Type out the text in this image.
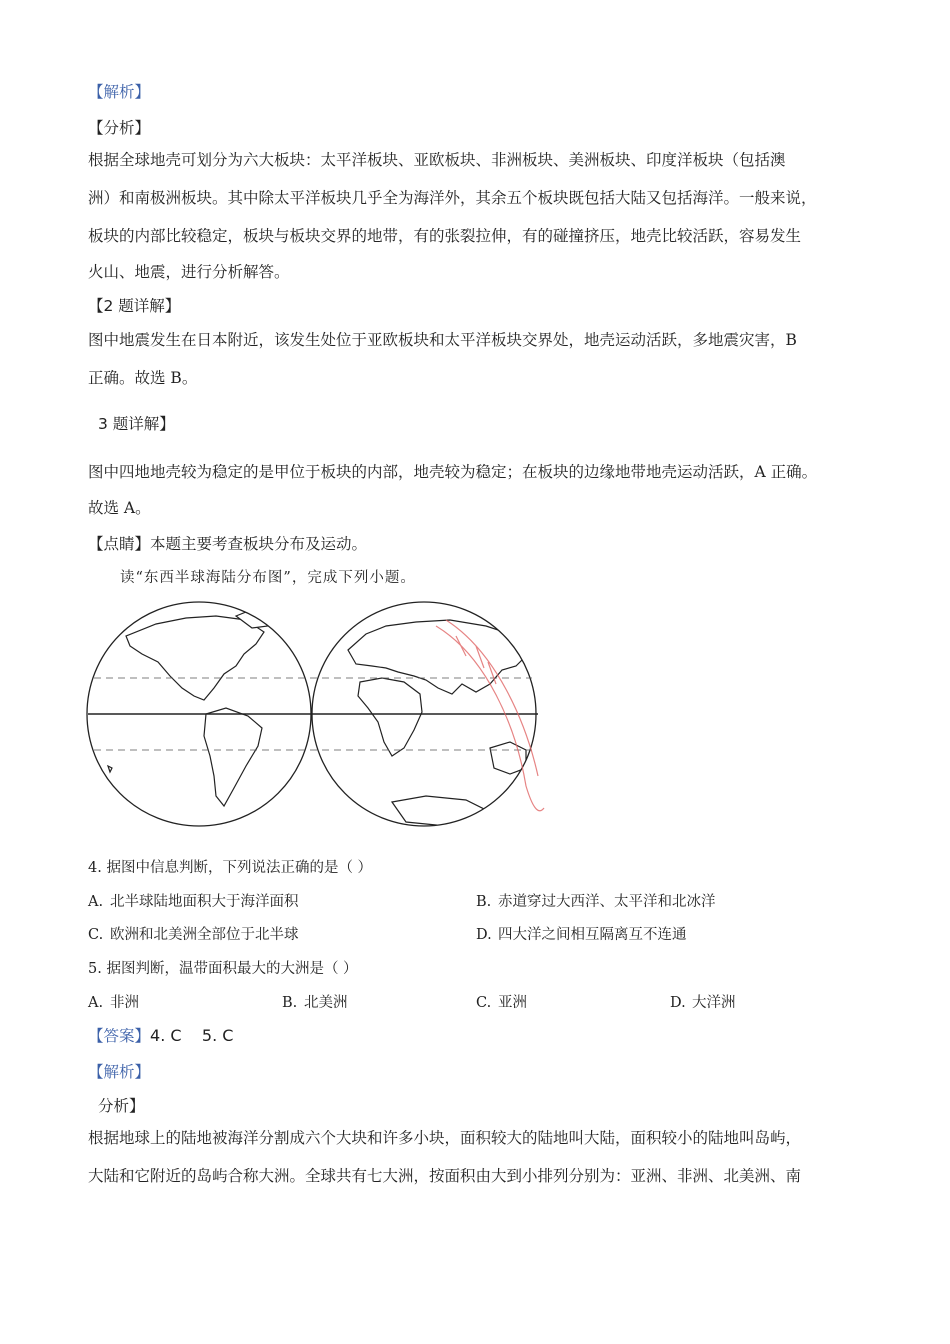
【解析】
【分析】
根据全球地壳可划分为六大板块：太平洋板块、亚欧板块、非洲板块、美洲板块、印度洋板块（包括澳
洲）和南极洲板块。其中除太平洋板块几乎全为海洋外，其余五个板块既包括大陆又包括海洋。一般来说，
板块的内部比较稳定，板块与板块交界的地带，有的张裂拉伸，有的碰撞挤压，地壳比较活跃，容易发生
火山、地震，进行分析解答。
【2 题详解】
图中地震发生在日本附近，该发生处位于亚欧板块和太平洋板块交界处，地壳运动活跃，多地震灾害，B
正确。故选 B。
3 题详解】
图中四地地壳较为稳定的是甲位于板块的内部，地壳较为稳定；在板块的边缘地带地壳运动活跃，A 正确。
故选 A。
【点睛】本题主要考查板块分布及运动。
读“东西半球海陆分布图”，完成下列小题。
4. 据图中信息判断，下列说法正确的是（ ）
A. 北半球陆地面积大于海洋面积	B. 赤道穿过大西洋、太平洋和北冰洋
C. 欧洲和北美洲全部位于北半球	D. 四大洋之间相互隔离互不连通
5. 据图判断，温带面积最大的大洲是（ ）
A. 非洲	B. 北美洲	C. 亚洲	D. 大洋洲
【答案】4. C    5. C
【解析】
分析】
根据地球上的陆地被海洋分割成六个大块和许多小块，面积较大的陆地叫大陆，面积较小的陆地叫岛屿，
大陆和它附近的岛屿合称大洲。全球共有七大洲，按面积由大到小排列分别为：亚洲、非洲、北美洲、南
